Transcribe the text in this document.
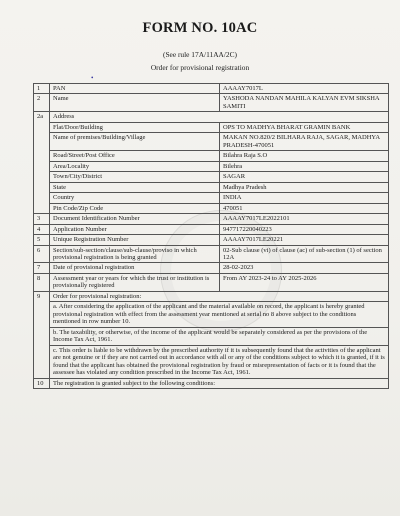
FORM NO. 10AC
(See rule 17A/11AA/2C)
Order for provisional registration
•
1	PAN	AAAAY7017L
2	Name	YASHODA NANDAN MAHILA KALYAN EVM SIKSHA SAMITI
2a	Address	
	Flat/Door/Building	OPS TO MADHYA BHARAT GRAMIN BANK
	Name of premises/Building/Village	MAKAN NO.820/2 BILHARA RAJA, SAGAR, MADHYA PRADESH-470051
	Road/Street/Post Office	Bilahra Raja S.O
	Area/Locality	Bilehra
	Town/City/District	SAGAR
	State	Madhya Pradesh
	Country	INDIA
	Pin Code/Zip Code	470051
3	Document Identification Number	AAAAY7017LE2022101
4	Application Number	947717220040223
5	Unique Registration Number	AAAAY7017LE20221
6	Section/sub-section/clause/sub-clause/proviso in which provisional registration is being granted	02-Sub clause (vi) of clause (ac) of sub-section (1) of section 12A
7	Date of provisional registration	28-02-2023
8	Assessment year or years for which the trust or institution is provisionally registered	From AY 2023-24 to AY 2025-2026
9	Order for provisional registration:	
	a. After considering the application of the applicant and the material available on record, the applicant is hereby granted provisional registration with effect from the assessment year mentioned at serial no 8 above subject to the conditions mentioned in row number 10.	
	b. The taxability, or otherwise, of the income of the applicant would be separately considered as per the provisions of the Income Tax Act, 1961.	
	c. This order is liable to be withdrawn by the prescribed authority if it is subsequently found that the activities of the applicant are not genuine or if they are not carried out in accordance with all or any of the conditions subject to which it is granted, if it is found that the applicant has obtained the provisional registration by fraud or misrepresentation of facts or it is found that the assessee has violated any condition prescribed in the Income Tax Act, 1961.	
10	The registration is granted subject to the following conditions:	
